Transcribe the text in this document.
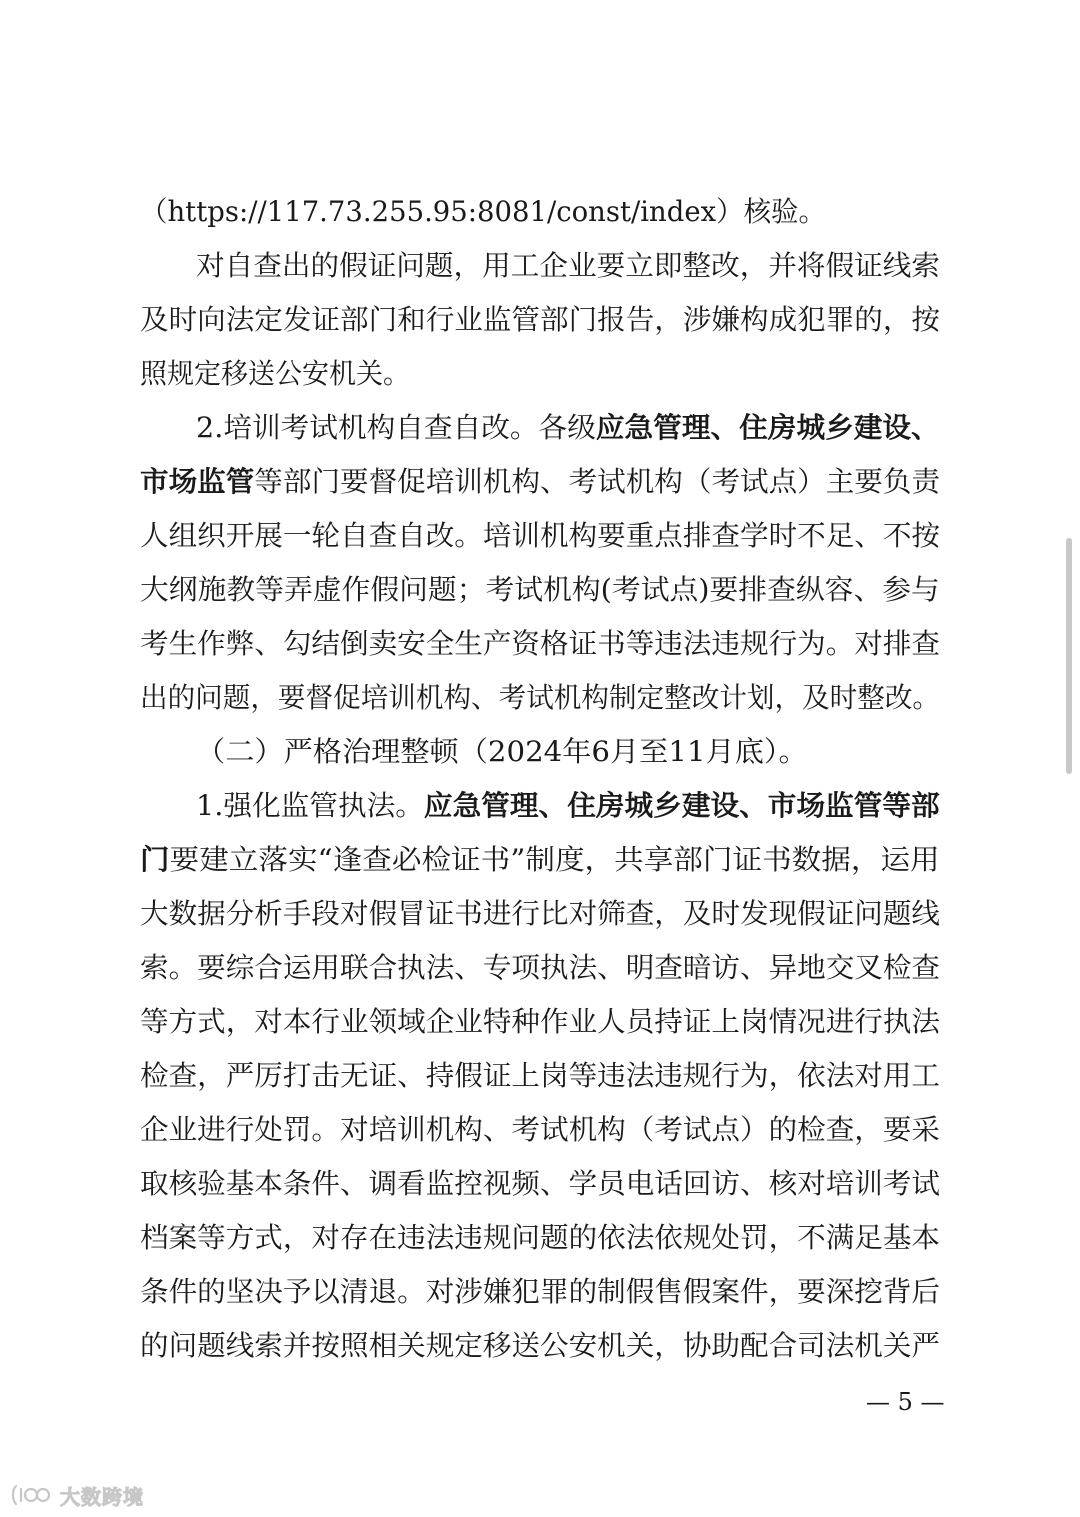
（https://117.73.255.95:8081/const/index）核验。
对自查出的假证问题，用工企业要立即整改，并将假证线索
及时向法定发证部门和行业监管部门报告，涉嫌构成犯罪的，按
照规定移送公安机关。
2.培训考试机构自查自改。各级应急管理、住房城乡建设、
市场监管等部门要督促培训机构、考试机构（考试点）主要负责
人组织开展一轮自查自改。培训机构要重点排查学时不足、不按
大纲施教等弄虚作假问题；考试机构(考试点)要排查纵容、参与
考生作弊、勾结倒卖安全生产资格证书等违法违规行为。对排查
出的问题，要督促培训机构、考试机构制定整改计划，及时整改。
（二）严格治理整顿（2024年6月至11月底）。
1.强化监管执法。应急管理、住房城乡建设、市场监管等部
门要建立落实“逢查必检证书”制度，共享部门证书数据，运用
大数据分析手段对假冒证书进行比对筛查，及时发现假证问题线
索。要综合运用联合执法、专项执法、明查暗访、异地交叉检查
等方式，对本行业领域企业特种作业人员持证上岗情况进行执法
检查，严厉打击无证、持假证上岗等违法违规行为，依法对用工
企业进行处罚。对培训机构、考试机构（考试点）的检查，要采
取核验基本条件、调看监控视频、学员电话回访、核对培训考试
档案等方式，对存在违法违规问题的依法依规处罚，不满足基本
条件的坚决予以清退。对涉嫌犯罪的制假售假案件，要深挖背后
的问题线索并按照相关规定移送公安机关，协助配合司法机关严
— 5 —
大数跨境
